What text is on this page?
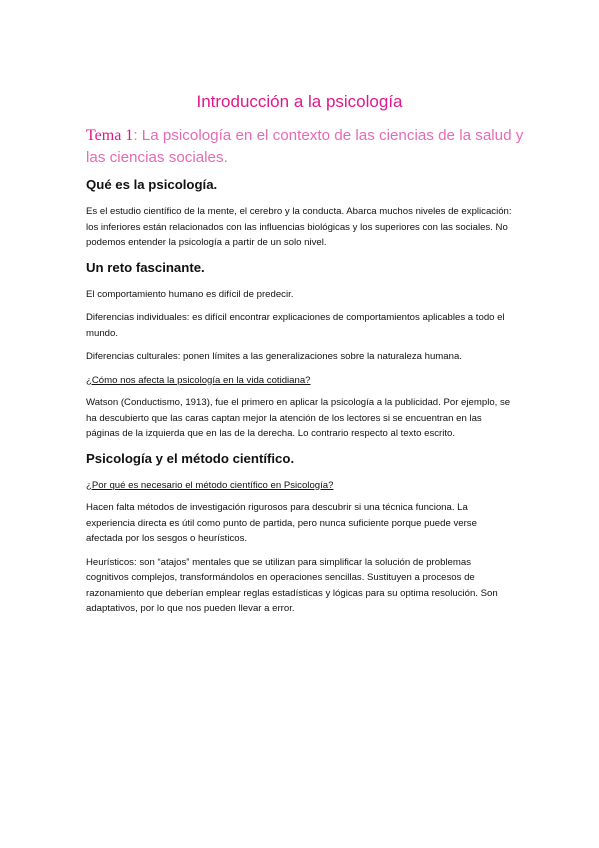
Introducción a la psicología

Tema 1: La psicología en el contexto de las ciencias de la salud y las ciencias sociales.

Qué es la psicología.

Es el estudio científico de la mente, el cerebro y la conducta. Abarca muchos niveles de explicación: los inferiores están relacionados con las influencias biológicas y los superiores con las sociales. No podemos entender la psicología a partir de un solo nivel.

Un reto fascinante.

El comportamiento humano es difícil de predecir.

Diferencias individuales: es difícil encontrar explicaciones de comportamientos aplicables a todo el mundo.

Diferencias culturales: ponen límites a las generalizaciones sobre la naturaleza humana.

¿Cómo nos afecta la psicología en la vida cotidiana?

Watson (Conductismo, 1913), fue el primero en aplicar la psicología a la publicidad. Por ejemplo, se ha descubierto que las caras captan mejor la atención de los lectores si se encuentran en las páginas de la izquierda que en las de la derecha. Lo contrario respecto al texto escrito.

Psicología y el método científico.

¿Por qué es necesario el método científico en Psicología?

Hacen falta métodos de investigación rigurosos para descubrir si una técnica funciona. La experiencia directa es útil como punto de partida, pero nunca suficiente porque puede verse afectada por los sesgos o heurísticos.

Heurísticos: son “atajos” mentales que se utilizan para simplificar la solución de problemas cognitivos complejos, transformándolos en operaciones sencillas. Sustituyen a procesos de razonamiento que deberían emplear reglas estadísticas y lógicas para su optima resolución. Son adaptativos, por lo que nos pueden llevar a error.
